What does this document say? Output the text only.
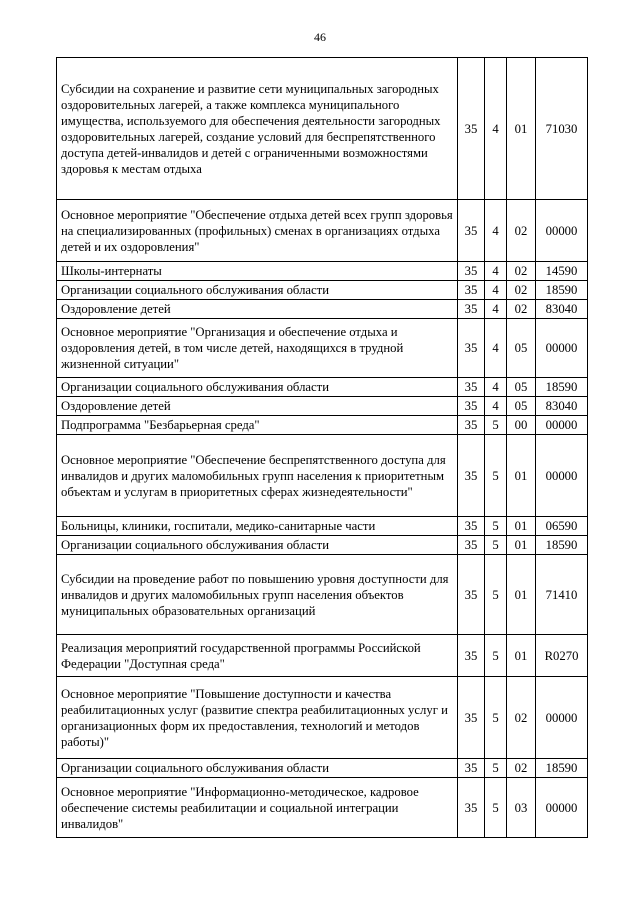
46
Субсидии на сохранение и развитие сети муниципальных загородных оздоровительных лагерей, а также комплекса муниципального имущества, используемого для обеспечения деятельности загородных оздоровительных лагерей, создание условий для беспрепятственного доступа детей-инвалидов и детей с ограниченными возможностями здоровья к местам отдыха	35	4	01	71030
Основное мероприятие "Обеспечение отдыха детей всех групп здоровья на специализированных (профильных) сменах в организациях отдыха детей и их оздоровления"	35	4	02	00000
Школы-интернаты	35	4	02	14590
Организации социального обслуживания области	35	4	02	18590
Оздоровление детей	35	4	02	83040
Основное мероприятие "Организация и обеспечение отдыха и оздоровления детей, в том числе детей, находящихся в трудной жизненной ситуации"	35	4	05	00000
Организации социального обслуживания области	35	4	05	18590
Оздоровление детей	35	4	05	83040
Подпрограмма "Безбарьерная среда"	35	5	00	00000
Основное мероприятие "Обеспечение беспрепятственного доступа для инвалидов и других маломобильных групп населения к приоритетным объектам и услугам в приоритетных сферах жизнедеятельности"	35	5	01	00000
Больницы, клиники, госпитали, медико-санитарные части	35	5	01	06590
Организации социального обслуживания области	35	5	01	18590
Субсидии на проведение работ по повышению уровня доступности для инвалидов и других маломобильных групп населения объектов муниципальных образовательных организаций	35	5	01	71410
Реализация мероприятий государственной программы Российской Федерации "Доступная среда"	35	5	01	R0270
Основное мероприятие "Повышение доступности и качества реабилитационных услуг (развитие спектра реабилитационных услуг и организационных форм их предоставления, технологий и методов работы)"	35	5	02	00000
Организации социального обслуживания области	35	5	02	18590
Основное мероприятие "Информационно-методическое, кадровое обеспечение системы реабилитации и социальной интеграции инвалидов"	35	5	03	00000
